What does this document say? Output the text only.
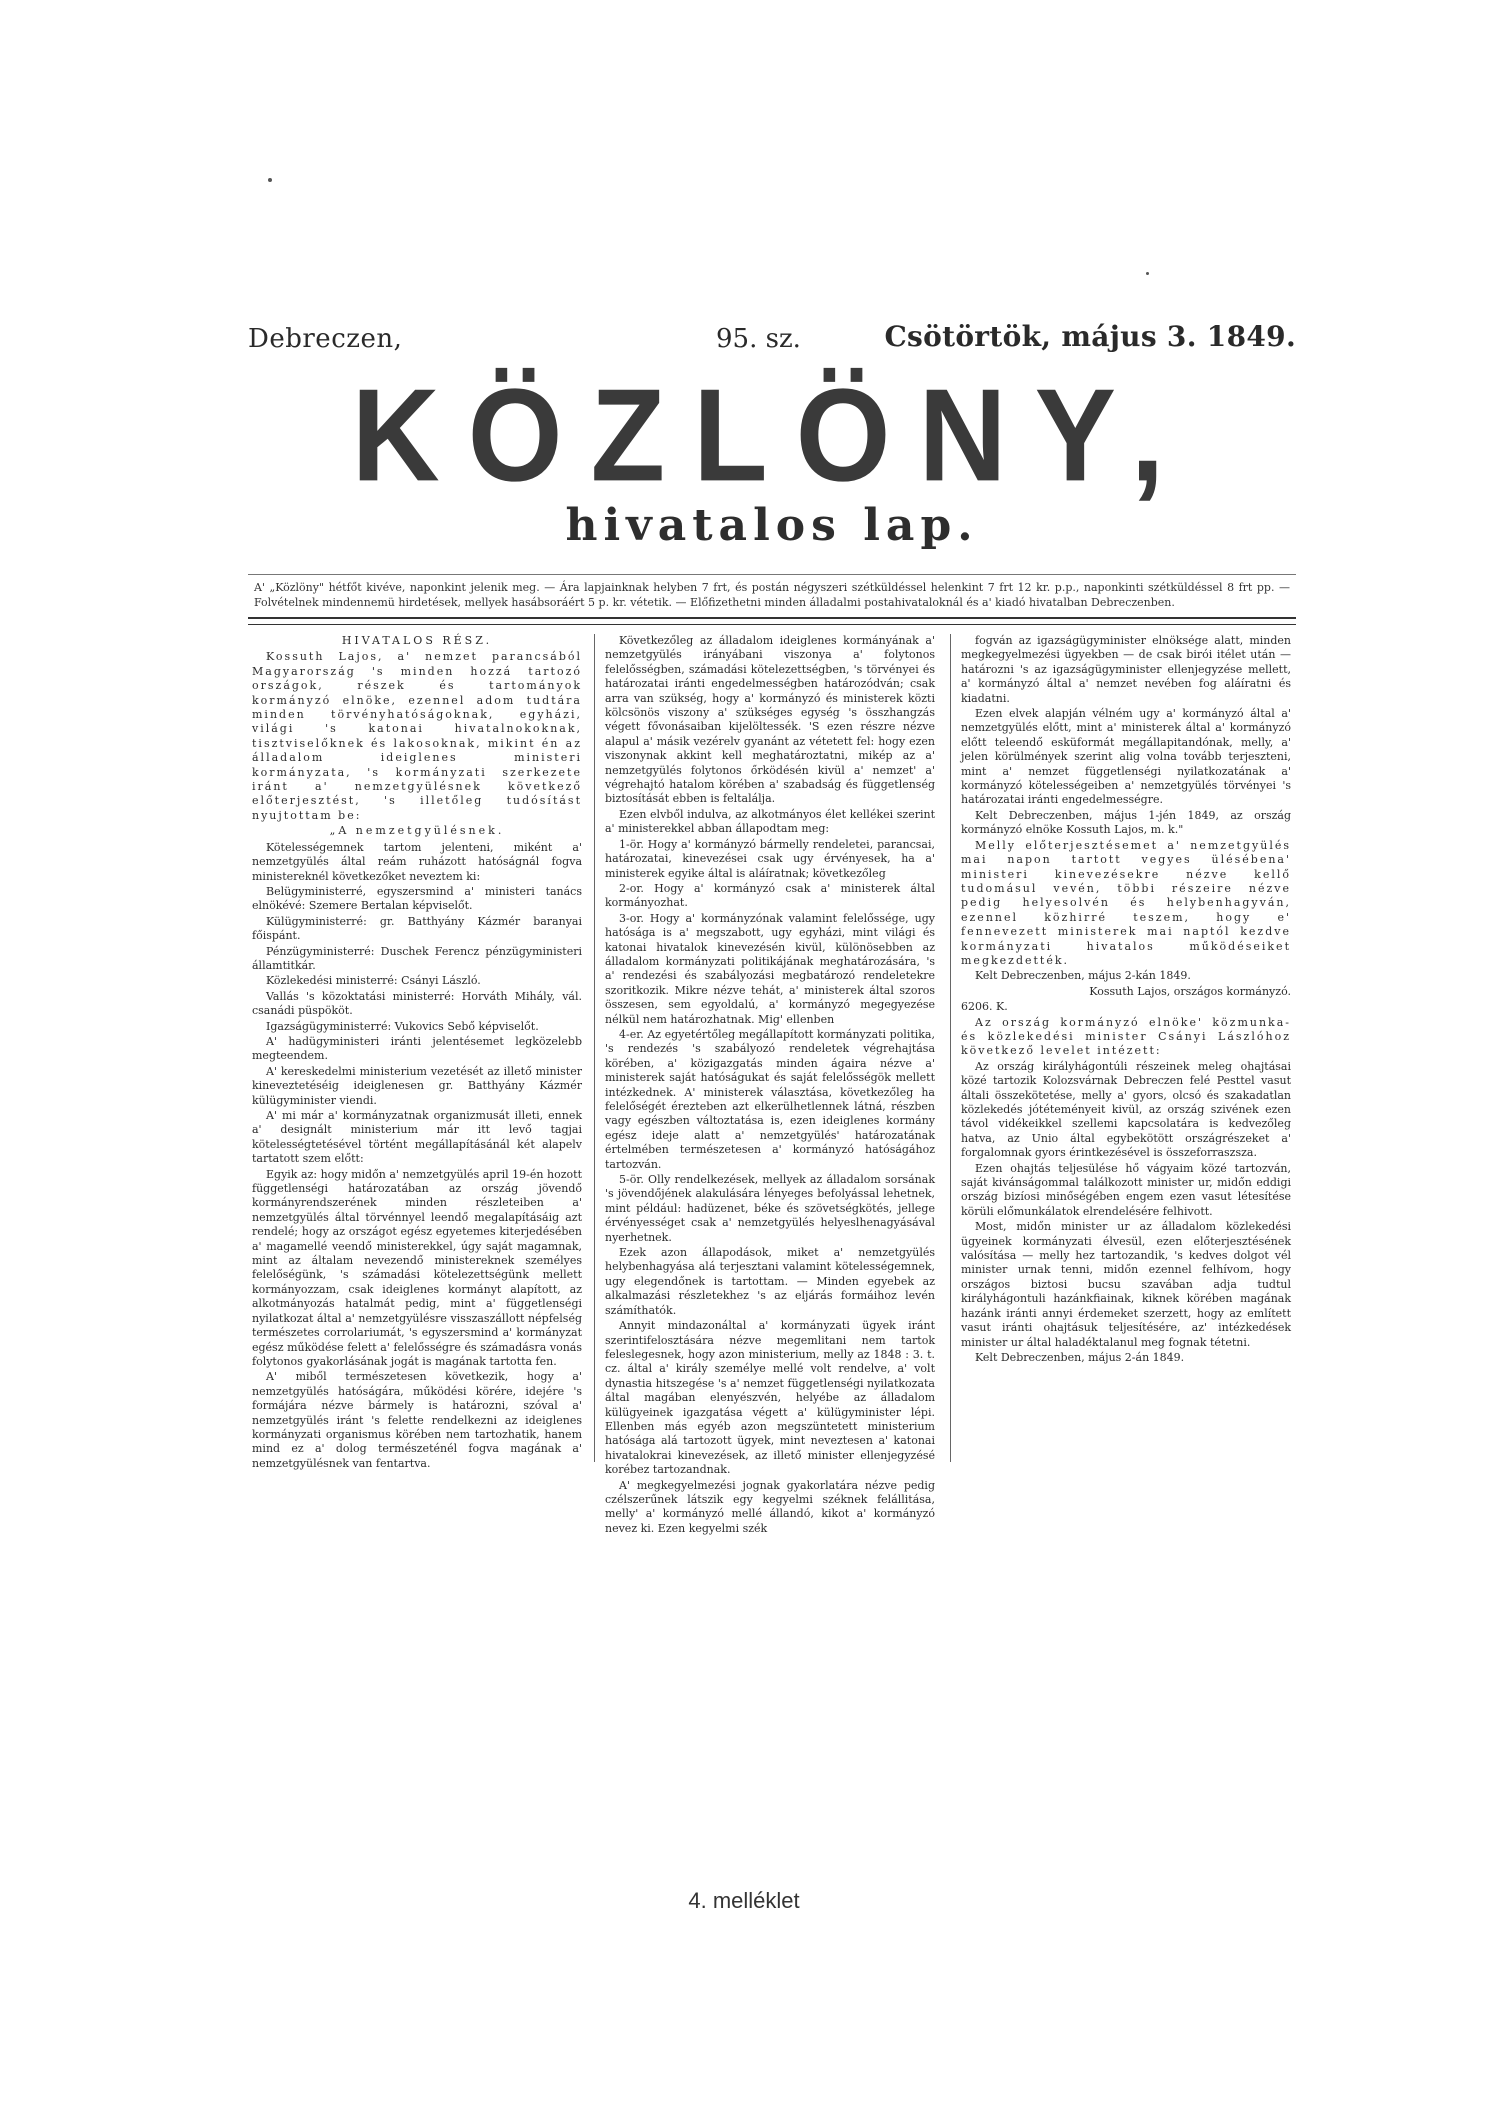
Debreczen,	95. sz.	Csötörtök, május 3. 1849.
KÖZLÖNY,
hivatalos lap.
A' „Közlöny" hétfőt kivéve, naponkint jelenik meg. — Ára lapjainknak helyben 7 frt, és postán négyszeri szétküldéssel helenkint 7 frt 12 kr. p.p., naponkinti szétküldéssel 8 frt pp. — Folvételnek mindennemü hirdetések, mellyek hasábsoráért 5 p. kr. vétetik. — Előfizethetni minden álladalmi postahivataloknál és a' kiadó hivatalban Debreczenben.

HIVATALOS RÉSZ.

Kossuth Lajos, a' nemzet parancsából Magyarország 's minden hozzá tartozó országok, részek és tartományok kormányzó elnöke, ezennel adom tudtára minden törvényhatóságoknak, egyházi, világi 's katonai hivatalnokoknak, tisztviselőknek és lakosoknak, mikint én az álladalom ideiglenes ministeri kormányzata, 's kormányzati szerkezete iránt a' nemzetgyülésnek következő előterjesztést, 's illetőleg tudósítást nyujtottam be:

„A nemzetgyülésnek.

Kötelességemnek tartom jelenteni, miként a' nemzetgyülés által reám ruházott hatóságnál fogva ministereknél következőket neveztem ki:

Belügyministerré, egyszersmind a' ministeri tanács elnökévé: Szemere Bertalan képviselőt.

Külügyministerré: gr. Batthyány Kázmér baranyai főispánt.

Pénzügyministerré: Duschek Ferencz pénzügyministeri államtitkár.

Közlekedési ministerré: Csányi László.

Vallás 's közoktatási ministerré: Horváth Mihály, vál. csanádi püspököt.

Igazságügyministerré: Vukovics Sebő képviselőt.

A' hadügyministeri iránti jelentésemet legközelebb megteendem.

A' kereskedelmi ministerium vezetését az illető minister kineveztetéséig ideiglenesen gr. Batthyány Kázmér külügyminister viendi.

A' mi már a' kormányzatnak organizmusát illeti, ennek a' designált ministerium már itt levő tagjai kötelességtetésével történt megállapításánál két alapelv tartatott szem előtt:

Egyik az: hogy midőn a' nemzetgyülés april 19-én hozott függetlenségi határozatában az ország jövendő kormányrendszerének minden részleteiben a' nemzetgyülés által törvénnyel leendő megalapításáig azt rendelé; hogy az országot egész egyetemes kiterjedésében a' magamellé veendő ministerekkel, úgy saját magamnak, mint az általam nevezendő ministereknek személyes felelőségünk, 's számadási kötelezettségünk mellett kormányozzam, csak ideiglenes kormányt alapított, az alkotmányozás hatalmát pedig, mint a' függetlenségi nyilatkozat által a' nemzetgyülésre visszaszállott népfelség természetes corrolariumát, 's egyszersmind a' kormányzat egész működése felett a' felelősségre és számadásra vonás folytonos gyakorlásának jogát is magának tartotta fen.

A' miből természetesen következik, hogy a' nemzetgyülés hatóságára, működési körére, idejére 's formájára nézve bármely is határozni, szóval a' nemzetgyülés iránt 's felette rendelkezni az ideiglenes kormányzati organismus körében nem tartozhatik, hanem mind ez a' dolog természeténél fogva magának a' nemzetgyülésnek van fentartva.

Következőleg az álladalom ideiglenes kormányának a' nemzetgyülés irányábani viszonya a' folytonos felelősségben, számadási kötelezettségben, 's törvényei és határozatai iránti engedelmességben határozódván; csak arra van szükség, hogy a' kormányzó és ministerek közti kölcsönös viszony a' szükséges egység 's összhangzás végett fővonásaiban kijelöltessék. 'S ezen részre nézve alapul a' másik vezérelv gyanánt az vétetett fel: hogy ezen viszonynak akkint kell meghatároztatni, mikép az a' nemzetgyülés folytonos őrködésén kivül a' nemzet' a' végrehajtó hatalom körében a' szabadság és függetlenség biztosítását ebben is feltalálja.

Ezen elvből indulva, az alkotmányos élet kellékei szerint a' ministerekkel abban állapodtam meg:

1-ör. Hogy a' kormányzó bármelly rendeletei, parancsai, határozatai, kinevezései csak ugy érvényesek, ha a' ministerek egyike által is aláíratnak; következőleg

2-or. Hogy a' kormányzó csak a' ministerek által kormányozhat.

3-or. Hogy a' kormányzónak valamint felelőssége, ugy hatósága is a' megszabott, ugy egyházi, mint világi és katonai hivatalok kinevezésén kivül, különösebben az álladalom kormányzati politikájának meghatározására, 's a' rendezési és szabályozási megbatározó rendeletekre szoritkozik. Mikre nézve tehát, a' ministerek által szoros összesen, sem egyoldalú, a' kormányzó megegyezése nélkül nem határozhatnak. Mig' ellenben

4-er. Az egyetértőleg megállapított kormányzati politika, 's rendezés 's szabályozó rendeletek végrehajtása körében, a' közigazgatás minden ágaira nézve a' ministerek saját hatóságukat és saját felelősségök mellett intézkednek. A' ministerek választása, következőleg ha felelőségét érezteben azt elkerülhetlennek látná, részben vagy egészben változtatása is, ezen ideiglenes kormány egész ideje alatt a' nemzetgyülés' határozatának értelmében természetesen a' kormányzó hatóságához tartozván.

5-ör. Olly rendelkezések, mellyek az álladalom sorsának 's jövendőjének alakulására lényeges befolyással lehetnek, mint például: hadüzenet, béke és szövetségkötés, jellege érvényességet csak a' nemzetgyülés helyeslhenagyásával nyerhetnek.

Ezek azon állapodások, miket a' nemzetgyülés helybenhagyása alá terjesztani valamint kötelességemnek, ugy elegendőnek is tartottam. — Minden egyebek az alkalmazási részletekhez 's az eljárás formáihoz levén számíthatók.

Annyit mindazonáltal a' kormányzati ügyek iránt szerintifelosztására nézve megemlitani nem tartok feleslegesnek, hogy azon ministerium, melly az 1848 : 3. t. cz. által a' király személye mellé volt rendelve, a' volt dynastia hitszegése 's a' nemzet függetlenségi nyilatkozata által magában elenyészvén, helyébe az álladalom külügyeinek igazgatása végett a' külügyminister lépi. Ellenben más egyéb azon megszüntetett ministerium hatósága alá tartozott ügyek, mint neveztesen a' katonai hivatalokrai kinevezések, az illető minister ellenjegyzésé korébez tartozandnak.

A' megkegyelmezési jognak gyakorlatára nézve pedig czélszerűnek látszik egy kegyelmi széknek felállitása, melly' a' kormányzó mellé állandó, kikot a' kormányzó nevez ki. Ezen kegyelmi szék

fogván az igazságügyminister elnöksége alatt, minden megkegyelmezési ügyekben — de csak birói itélet után — határozni 's az igazságügyminister ellenjegyzése mellett, a' kormányzó által a' nemzet nevében fog aláíratni és kiadatni.

Ezen elvek alapján vélném ugy a' kormányzó által a' nemzetgyülés előtt, mint a' ministerek által a' kormányzó előtt teleendő esküformát megállapitandónak, melly, a' jelen körülmények szerint alig volna tovább terjeszteni, mint a' nemzet függetlenségi nyilatkozatának a' kormányzó kötelességeiben a' nemzetgyülés törvényei 's határozatai iránti engedelmességre.

Kelt Debreczenben, május 1-jén 1849, az ország kormányzó elnöke Kossuth Lajos, m. k."

Melly előterjesztésemet a' nemzetgyülés mai napon tartott vegyes ülésébena' ministeri kinevezésekre nézve kellő tudomásul vevén, többi részeire nézve pedig helyesolvén és helybenhagyván, ezennel közhirré teszem, hogy e' fennevezett ministerek mai naptól kezdve kormányzati hivatalos működéseiket megkezdették.

Kelt Debreczenben, május 2-kán 1849.

Kossuth Lajos, országos kormányzó.

6206. K.

Az ország kormányzó elnöke' közmunka- és közlekedési minister Csányi Lászlóhoz következő levelet intézett:

Az ország királyhágontúli részeinek meleg ohajtásai közé tartozik Kolozsvárnak Debreczen felé Pesttel vasut általi összekötetése, melly a' gyors, olcsó és szakadatlan közlekedés jótéteményeit kivül, az ország szivének ezen távol vidékeikkel szellemi kapcsolatára is kedvezőleg hatva, az Unio által egybekötött országrészeket a' forgalomnak gyors érintkezésével is összeforraszsza.

Ezen ohajtás teljesülése hő vágyaim közé tartozván, saját kivánságommal találkozott minister ur, midőn eddigi ország bizíosi minőségében engem ezen vasut létesítése körüli előmunkálatok elrendelésére felhivott.

Most, midőn minister ur az álladalom közlekedési ügyeinek kormányzati élvesül, ezen előterjesztésének valósítása — melly hez tartozandik, 's kedves dolgot vél minister urnak tenni, midőn ezennel felhívom, hogy országos biztosi bucsu szavában adja tudtul királyhágontuli hazánkfiainak, kiknek körében magának hazánk iránti annyi érdemeket szerzett, hogy az említett vasut iránti ohajtásuk teljesítésére, az' intézkedések minister ur által haladéktalanul meg fognak tétetni.

Kelt Debreczenben, május 2-án 1849.

4. melléklet
